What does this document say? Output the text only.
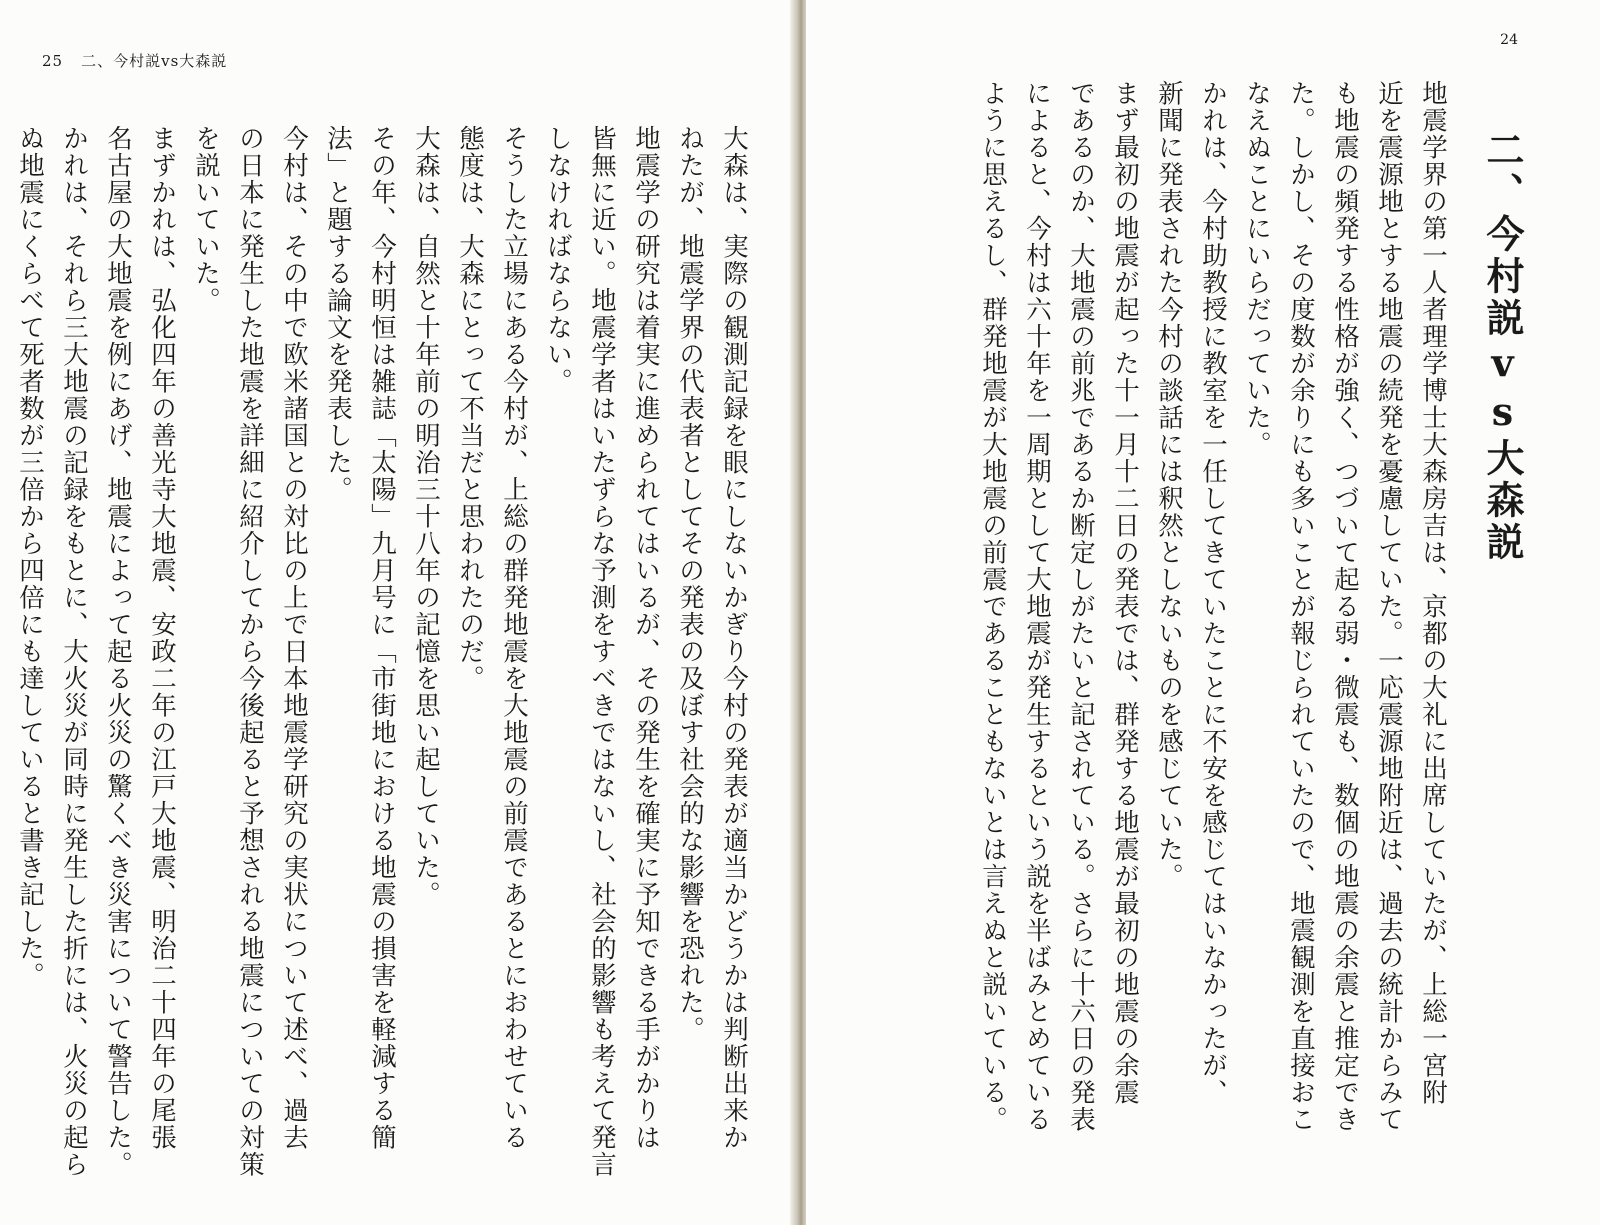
25 二、今村説vs大森説
大森は、実際の観測記録を眼にしないかぎり今村の発表が適当かどうかは判断出来か
ねたが、地震学界の代表者としてその発表の及ぼす社会的な影響を恐れた。
地震学の研究は着実に進められてはいるが、その発生を確実に予知できる手がかりは
皆無に近い。地震学者はいたずらな予測をすべきではないし、社会的影響も考えて発言
しなければならない。
そうした立場にある今村が、上総の群発地震を大地震の前震であるとにおわせている
態度は、大森にとって不当だと思われたのだ。
大森は、自然と十年前の明治三十八年の記憶を思い起していた。
その年、今村明恒は雑誌「太陽」九月号に「市街地における地震の損害を軽減する簡
法」と題する論文を発表した。
今村は、その中で欧米諸国との対比の上で日本地震学研究の実状について述べ、過去
の日本に発生した地震を詳細に紹介してから今後起ると予想される地震についての対策
を説いていた。
まずかれは、弘化四年の善光寺大地震、安政二年の江戸大地震、明治二十四年の尾張
名古屋の大地震を例にあげ、地震によって起る火災の驚くべき災害について警告した。
かれは、それら三大地震の記録をもとに、大火災が同時に発生した折には、火災の起ら
ぬ地震にくらべて死者数が三倍から四倍にも達していると書き記した。
24
二、今村説vs大森説
地震学界の第一人者理学博士大森房吉は、京都の大礼に出席していたが、上総一宮附
近を震源地とする地震の続発を憂慮していた。一応震源地附近は、過去の統計からみて
も地震の頻発する性格が強く、つづいて起る弱・微震も、数個の地震の余震と推定でき
た。しかし、その度数が余りにも多いことが報じられていたので、地震観測を直接おこ
なえぬことにいらだっていた。
かれは、今村助教授に教室を一任してきていたことに不安を感じてはいなかったが、
新聞に発表された今村の談話には釈然としないものを感じていた。
まず最初の地震が起った十一月十二日の発表では、群発する地震が最初の地震の余震
であるのか、大地震の前兆であるか断定しがたいと記されている。さらに十六日の発表
によると、今村は六十年を一周期として大地震が発生するという説を半ばみとめている
ように思えるし、群発地震が大地震の前震であることもないとは言えぬと説いている。
